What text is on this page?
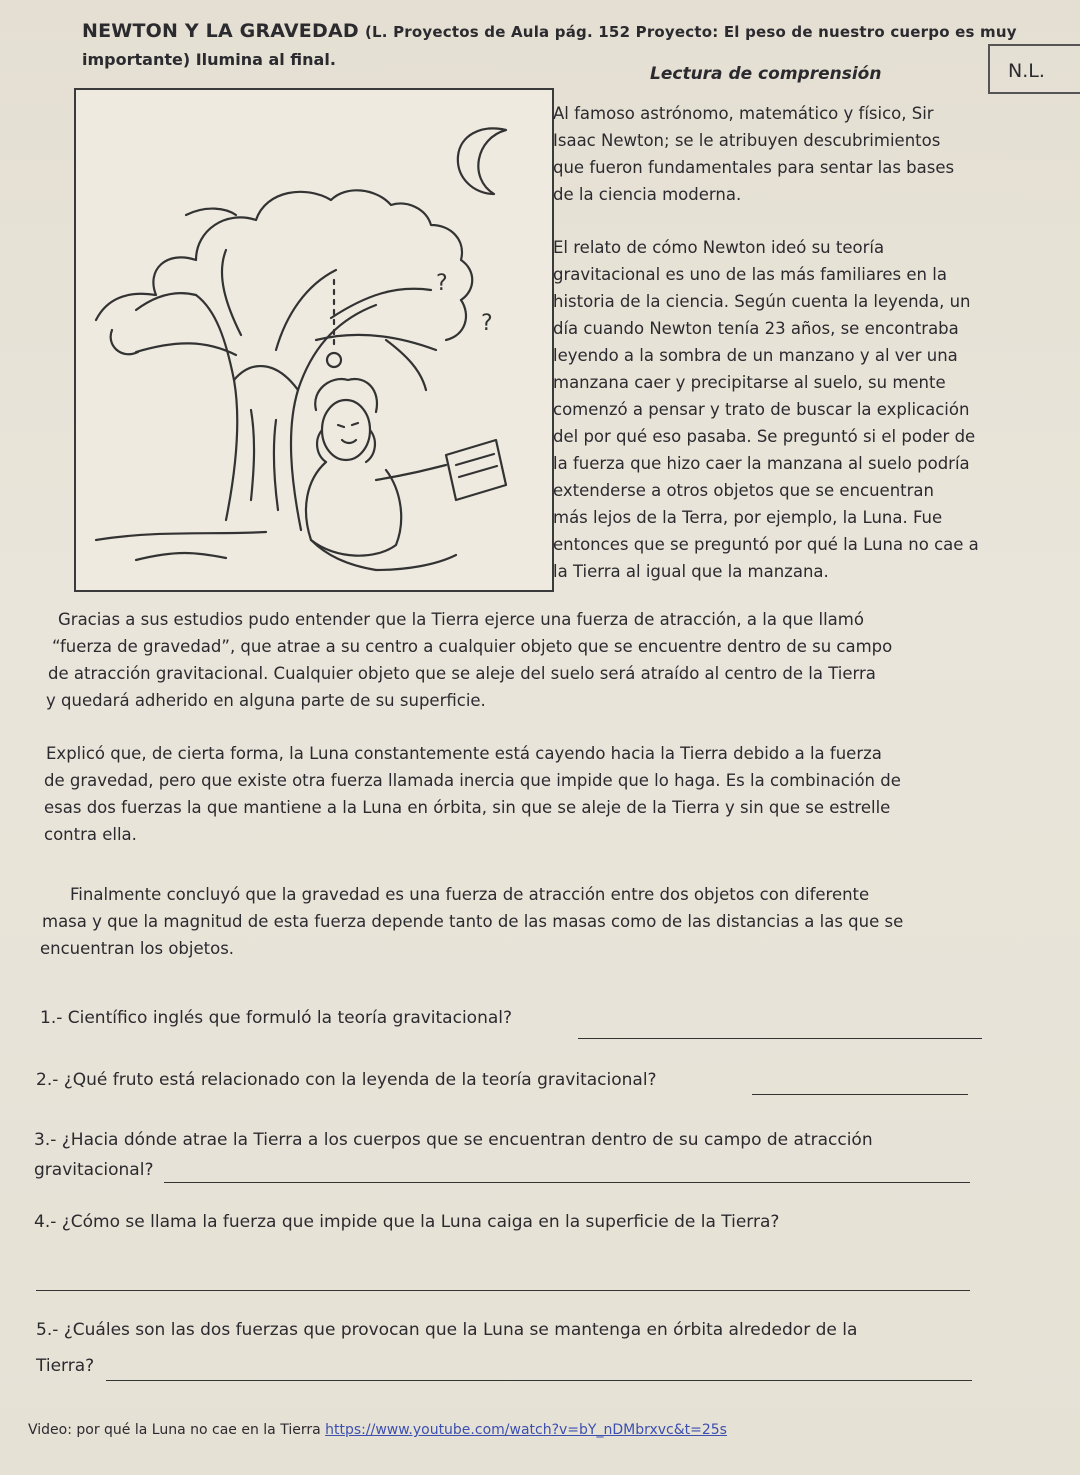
NEWTON Y LA GRAVEDAD (L. Proyectos de Aula pág. 152 Proyecto: El peso de nuestro cuerpo es muy
importante) Ilumina al final.
Lectura de comprensión	N.L.
?
?
Al famoso astrónomo, matemático y físico, Sir
Isaac Newton; se le atribuyen descubrimientos
que fueron fundamentales para sentar las bases
de la ciencia moderna.
El relato de cómo Newton ideó su teoría
gravitacional es uno de las más familiares en la
historia de la ciencia. Según cuenta la leyenda, un
día cuando Newton tenía 23 años, se encontraba
leyendo a la sombra de un manzano y al ver una
manzana caer y precipitarse al suelo, su mente
comenzó a pensar y trato de buscar la explicación
del por qué eso pasaba. Se preguntó si el poder de
la fuerza que hizo caer la manzana al suelo podría
extenderse a otros objetos que se encuentran
más lejos de la Terra, por ejemplo, la Luna. Fue
entonces que se preguntó por qué la Luna no cae a
la Tierra al igual que la manzana.
Gracias a sus estudios pudo entender que la Tierra ejerce una fuerza de atracción, a la que llamó
“fuerza de gravedad”, que atrae a su centro a cualquier objeto que se encuentre dentro de su campo
de atracción gravitacional. Cualquier objeto que se aleje del suelo será atraído al centro de la Tierra
y quedará adherido en alguna parte de su superficie.
Explicó que, de cierta forma, la Luna constantemente está cayendo hacia la Tierra debido a la fuerza
de gravedad, pero que existe otra fuerza llamada inercia que impide que lo haga. Es la combinación de
esas dos fuerzas la que mantiene a la Luna en órbita, sin que se aleje de la Tierra y sin que se estrelle
contra ella.
Finalmente concluyó que la gravedad es una fuerza de atracción entre dos objetos con diferente
masa y que la magnitud de esta fuerza depende tanto de las masas como de las distancias a las que se
encuentran los objetos.
1.- Científico inglés que formuló la teoría gravitacional?
2.- ¿Qué fruto está relacionado con la leyenda de la teoría gravitacional?
3.- ¿Hacia dónde atrae la Tierra a los cuerpos que se encuentran dentro de su campo de atracción
gravitacional?
4.- ¿Cómo se llama la fuerza que impide que la Luna caiga en la superficie de la Tierra?
5.- ¿Cuáles son las dos fuerzas que provocan que la Luna se mantenga en órbita alrededor de la
Tierra?
Video: por qué la Luna no cae en la Tierra https://www.youtube.com/watch?v=bY_nDMbrxvc&t=25s
